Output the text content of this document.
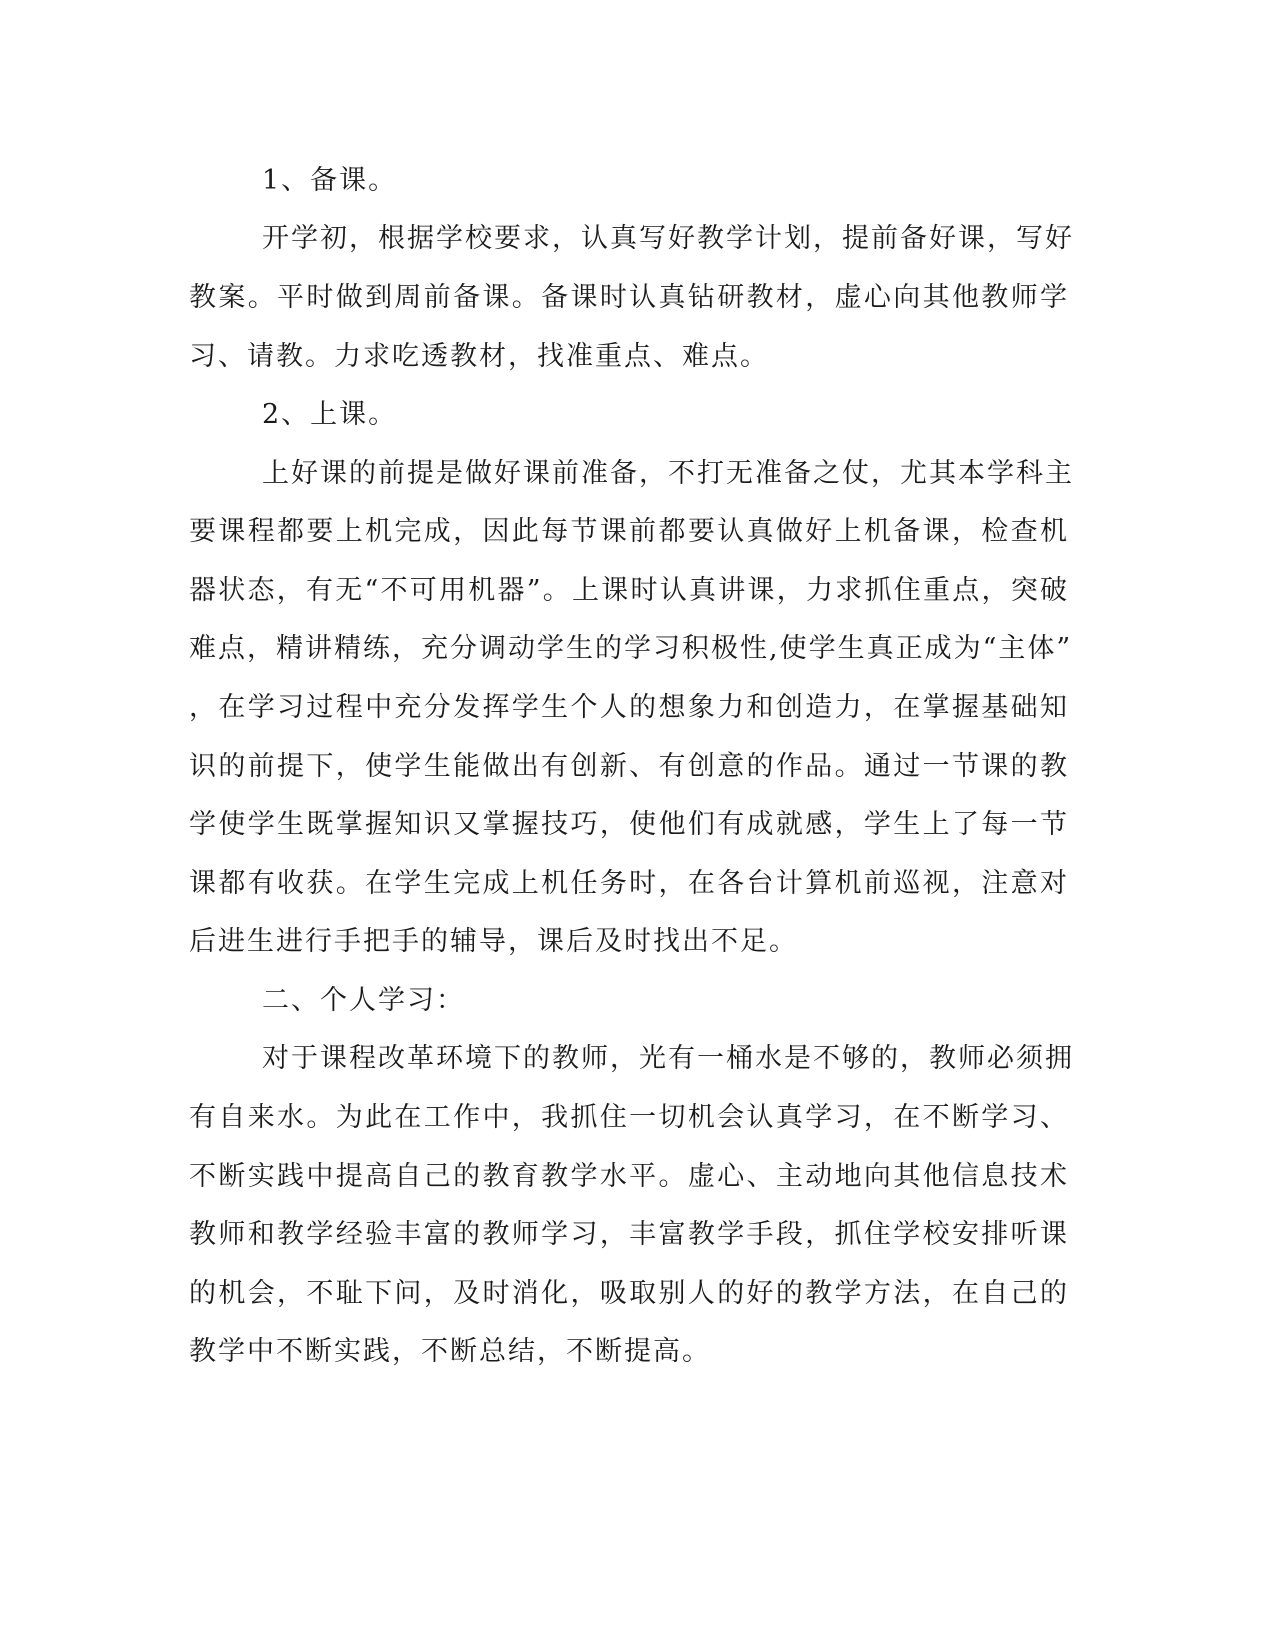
1、备课。
开学初，根据学校要求，认真写好教学计划，提前备好课，写好
教案。平时做到周前备课。备课时认真钻研教材，虚心向其他教师学
习、请教。力求吃透教材，找准重点、难点。
2、上课。
上好课的前提是做好课前准备，不打无准备之仗，尤其本学科主
要课程都要上机完成，因此每节课前都要认真做好上机备课，检查机
器状态，有无“不可用机器”。上课时认真讲课，力求抓住重点，突破
难点，精讲精练，充分调动学生的学习积极性,使学生真正成为“主体”
，在学习过程中充分发挥学生个人的想象力和创造力，在掌握基础知
识的前提下，使学生能做出有创新、有创意的作品。通过一节课的教
学使学生既掌握知识又掌握技巧，使他们有成就感，学生上了每一节
课都有收获。在学生完成上机任务时，在各台计算机前巡视，注意对
后进生进行手把手的辅导，课后及时找出不足。
二、个人学习：
对于课程改革环境下的教师，光有一桶水是不够的，教师必须拥
有自来水。为此在工作中，我抓住一切机会认真学习，在不断学习、
不断实践中提高自己的教育教学水平。虚心、主动地向其他信息技术
教师和教学经验丰富的教师学习，丰富教学手段，抓住学校安排听课
的机会，不耻下问，及时消化，吸取别人的好的教学方法，在自己的
教学中不断实践，不断总结，不断提高。
